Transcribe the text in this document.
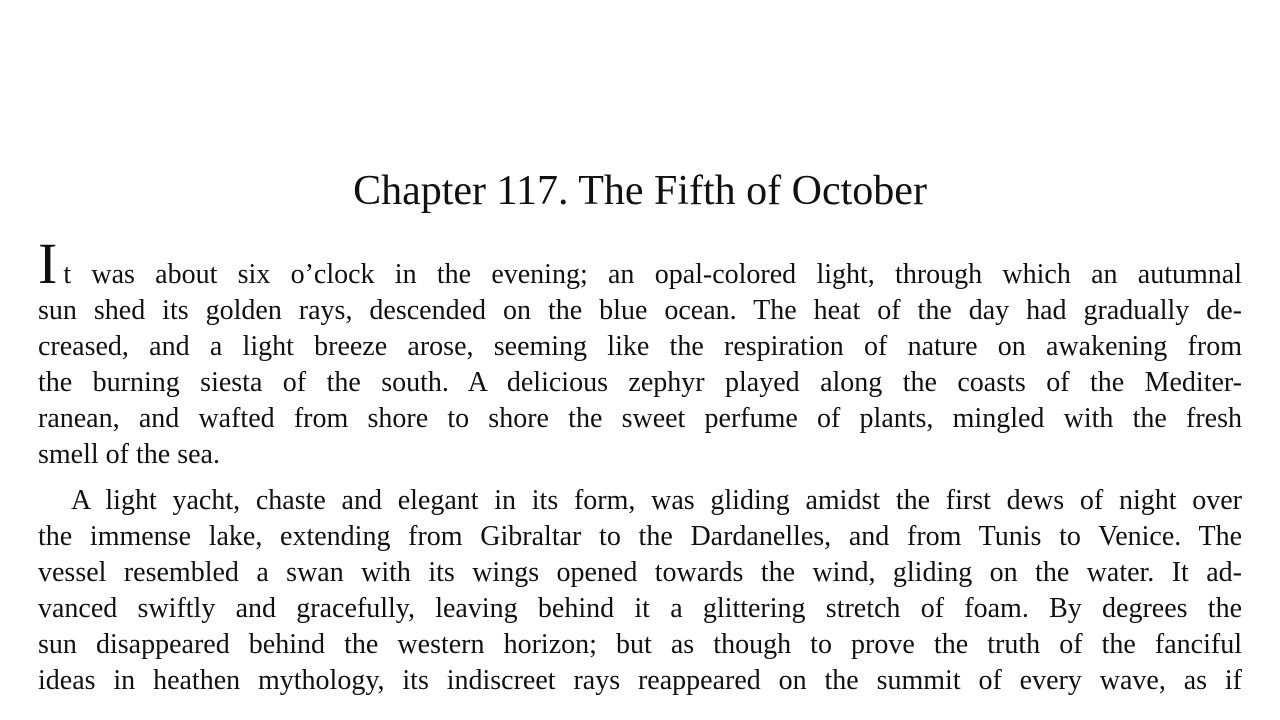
Chapter 117. The Fifth of October

It was about six o’clock in the evening; an opal-colored light, through which an autumnal
sun shed its golden rays, descended on the blue ocean. The heat of the day had gradually de-
creased, and a light breeze arose, seeming like the respiration of nature on awakening from
the burning siesta of the south. A delicious zephyr played along the coasts of the Mediter-
ranean, and wafted from shore to shore the sweet perfume of plants, mingled with the fresh
smell of the sea.

A light yacht, chaste and elegant in its form, was gliding amidst the first dews of night over
the immense lake, extending from Gibraltar to the Dardanelles, and from Tunis to Venice. The
vessel resembled a swan with its wings opened towards the wind, gliding on the water. It ad-
vanced swiftly and gracefully, leaving behind it a glittering stretch of foam. By degrees the
sun disappeared behind the western horizon; but as though to prove the truth of the fanciful
ideas in heathen mythology, its indiscreet rays reappeared on the summit of every wave, as if
